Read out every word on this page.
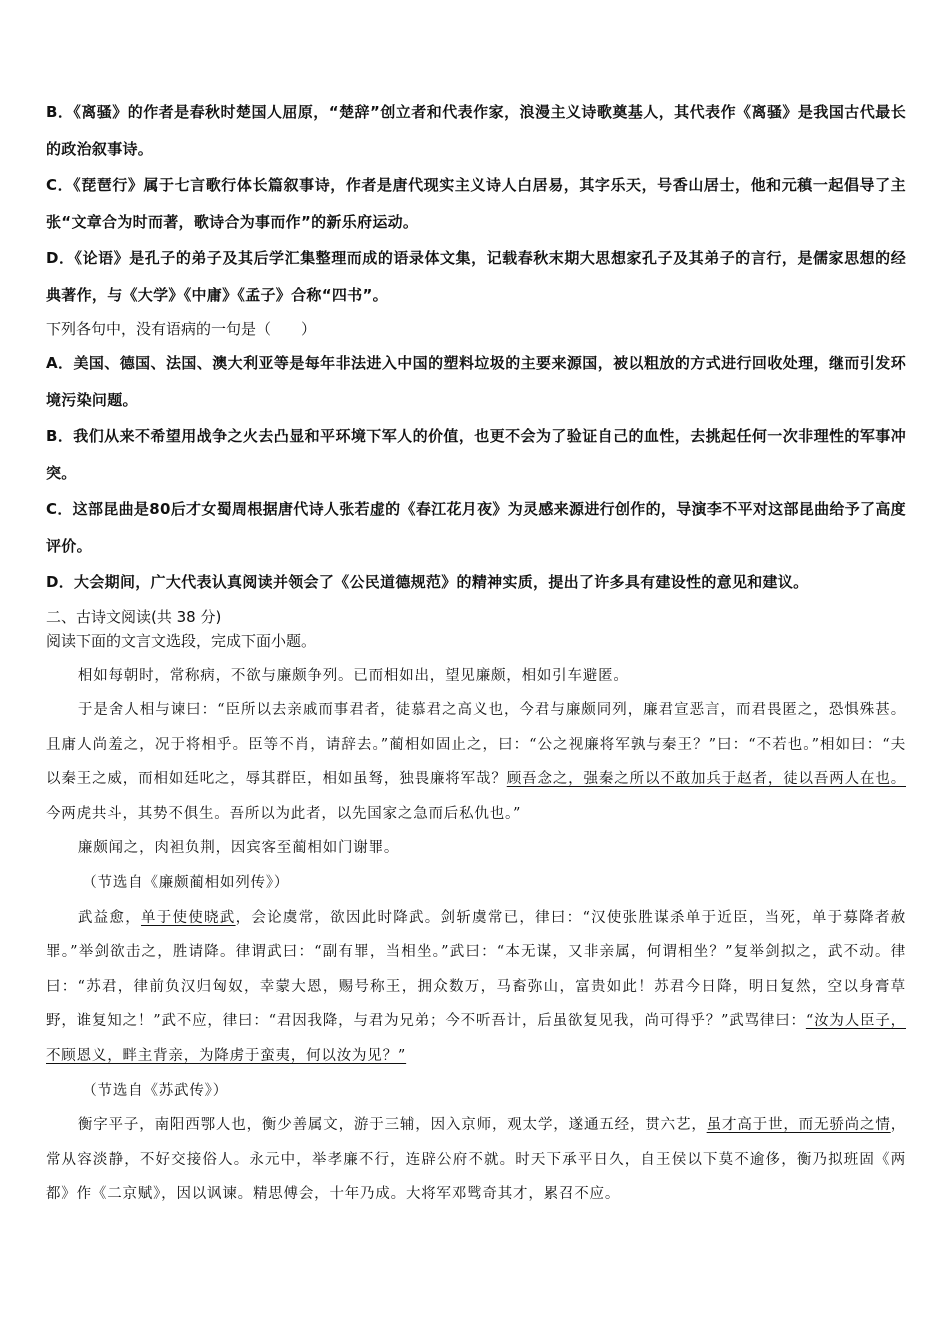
B．《离骚》的作者是春秋时楚国人屈原，“楚辞”创立者和代表作家，浪漫主义诗歌奠基人，其代表作《离骚》是我国古代最长的政治叙事诗。
C．《琵琶行》属于七言歌行体长篇叙事诗，作者是唐代现实主义诗人白居易，其字乐天，号香山居士，他和元稹一起倡导了主张“文章合为时而著，歌诗合为事而作”的新乐府运动。
D．《论语》是孔子的弟子及其后学汇集整理而成的语录体文集，记载春秋末期大思想家孔子及其弟子的言行，是儒家思想的经典著作，与《大学》《中庸》《孟子》合称“四书”。
下列各句中，没有语病的一句是（　　）
A．美国、德国、法国、澳大利亚等是每年非法进入中国的塑料垃圾的主要来源国，被以粗放的方式进行回收处理，继而引发环境污染问题。
B．我们从来不希望用战争之火去凸显和平环境下军人的价值，也更不会为了验证自己的血性，去挑起任何一次非理性的军事冲突。
C．这部昆曲是80后才女蜀周根据唐代诗人张若虚的《春江花月夜》为灵感来源进行创作的，导演李不平对这部昆曲给予了高度评价。
D．大会期间，广大代表认真阅读并领会了《公民道德规范》的精神实质，提出了许多具有建设性的意见和建议。
二、古诗文阅读(共 38 分)
阅读下面的文言文选段，完成下面小题。
相如每朝时，常称病，不欲与廉颇争列。已而相如出，望见廉颇，相如引车避匿。
于是舍人相与谏曰：“臣所以去亲戚而事君者，徒慕君之高义也，今君与廉颇同列，廉君宣恶言，而君畏匿之，恐惧殊甚。且庸人尚羞之，况于将相乎。臣等不肖，请辞去。”蔺相如固止之，曰：“公之视廉将军孰与秦王？”曰：“不若也。”相如曰：“夫以秦王之威，而相如廷叱之，辱其群臣，相如虽驽，独畏廉将军哉？顾吾念之，强秦之所以不敢加兵于赵者，徒以吾两人在也。今两虎共斗，其势不俱生。吾所以为此者，以先国家之急而后私仇也。”
廉颇闻之，肉袒负荆，因宾客至蔺相如门谢罪。
（节选自《廉颇蔺相如列传》）
武益愈，单于使使晓武，会论虞常，欲因此时降武。剑斩虞常已，律曰：“汉使张胜谋杀单于近臣，当死，单于募降者赦罪。”举剑欲击之，胜请降。律谓武曰：“副有罪，当相坐。”武曰：“本无谋，又非亲属，何谓相坐？”复举剑拟之，武不动。律曰：“苏君，律前负汉归匈奴，幸蒙大恩，赐号称王，拥众数万，马畜弥山，富贵如此！苏君今日降，明日复然，空以身膏草野，谁复知之！”武不应，律曰：“君因我降，与君为兄弟；今不听吾计，后虽欲复见我，尚可得乎？”武骂律曰：“汝为人臣子，不顾恩义，畔主背亲，为降虏于蛮夷，何以汝为见？”
（节选自《苏武传》）
衡字平子，南阳西鄂人也，衡少善属文，游于三辅，因入京师，观太学，遂通五经，贯六艺，虽才高于世，而无骄尚之情，常从容淡静，不好交接俗人。永元中，举孝廉不行，连辟公府不就。时天下承平日久，自王侯以下莫不逾侈，衡乃拟班固《两都》作《二京赋》，因以讽谏。精思傅会，十年乃成。大将军邓骘奇其才，累召不应。
